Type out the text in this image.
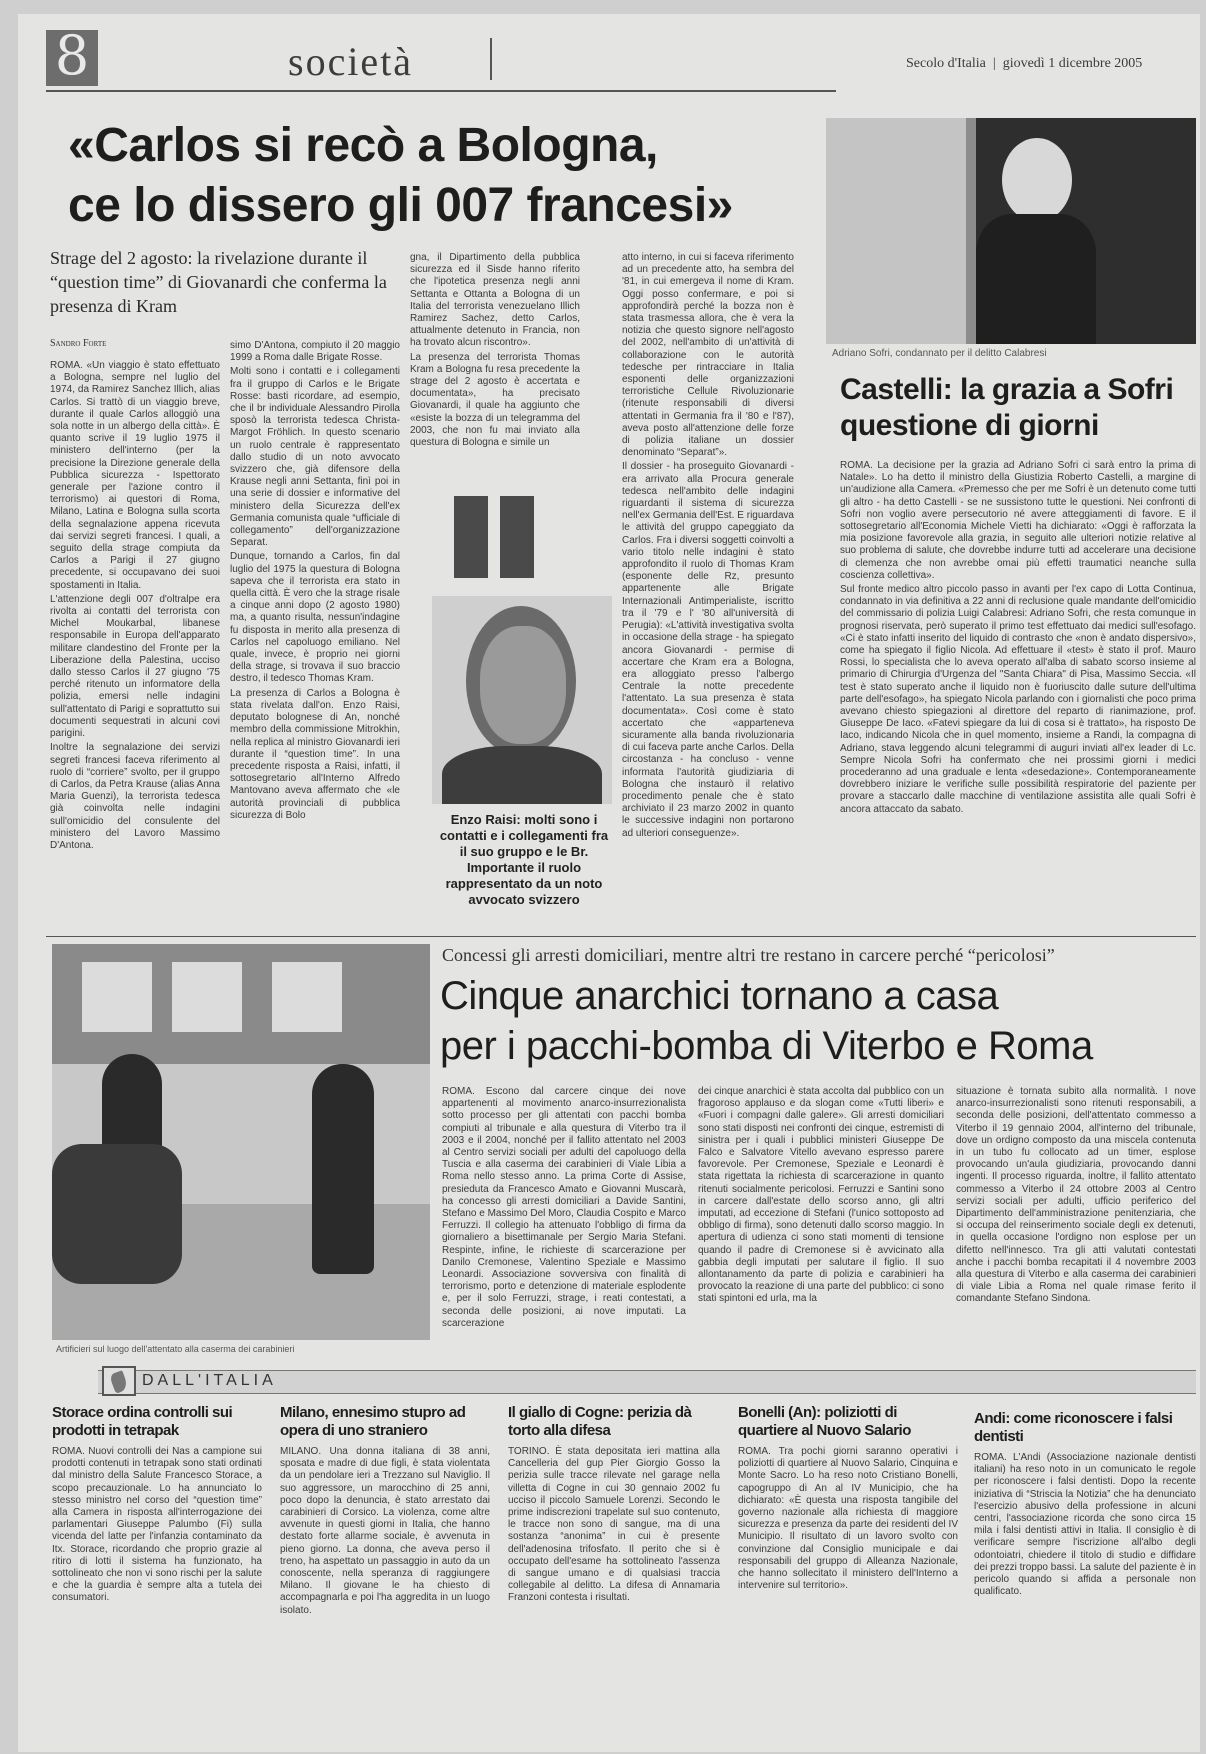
8	società	Secolo d'Italia  |  giovedì 1 dicembre 2005
«Carlos si recò a Bologna,
ce lo dissero gli 007 francesi»
Strage del 2 agosto: la rivelazione durante il “question time” di Giovanardi che conferma la presenza di Kram
Sandro Forte

ROMA. «Un viaggio è stato effettuato a Bologna, sempre nel luglio del 1974, da Ramirez Sanchez Illich, alias Carlos. Si trattò di un viaggio breve, durante il quale Carlos alloggiò una sola notte in un albergo della città». È quanto scrive il 19 luglio 1975 il ministero dell'interno (per la precisione la Direzione generale della Pubblica sicurezza - Ispettorato generale per l'azione contro il terrorismo) ai questori di Roma, Milano, Latina e Bologna sulla scorta della segnalazione appena ricevuta dai servizi segreti francesi. I quali, a seguito della strage compiuta da Carlos a Parigi il 27 giugno precedente, si occupavano dei suoi spostamenti in Italia.

L'attenzione degli 007 d'oltralpe era rivolta ai contatti del terrorista con Michel Moukarbal, libanese responsabile in Europa dell'apparato militare clandestino del Fronte per la Liberazione della Palestina, ucciso dallo stesso Carlos il 27 giugno '75 perché ritenuto un informatore della polizia, emersi nelle indagini sull'attentato di Parigi e soprattutto sui documenti sequestrati in alcuni covi parigini.

Inoltre la segnalazione dei servizi segreti francesi faceva riferimento al ruolo di “corriere” svolto, per il gruppo di Carlos, da Petra Krause (alias Anna Maria Guenzi), la terrorista tedesca già coinvolta nelle indagini sull'omicidio del consulente del ministero del Lavoro Massimo D'Antona.

simo D'Antona, compiuto il 20 maggio 1999 a Roma dalle Brigate Rosse.

Molti sono i contatti e i collegamenti fra il gruppo di Carlos e le Brigate Rosse: basti ricordare, ad esempio, che il br individuale Alessandro Pirolla sposò la terrorista tedesca Christa-Margot Fröhlich. In questo scenario un ruolo centrale è rappresentato dallo studio di un noto avvocato svizzero che, già difensore della Krause negli anni Settanta, finì poi in una serie di dossier e informative del ministero della Sicurezza dell'ex Germania comunista quale “ufficiale di collegamento” dell'organizzazione Separat.

Dunque, tornando a Carlos, fin dal luglio del 1975 la questura di Bologna sapeva che il terrorista era stato in quella città. È vero che la strage risale a cinque anni dopo (2 agosto 1980) ma, a quanto risulta, nessun'indagine fu disposta in merito alla presenza di Carlos nel capoluogo emiliano. Nel quale, invece, è proprio nei giorni della strage, si trovava il suo braccio destro, il tedesco Thomas Kram.

La presenza di Carlos a Bologna è stata rivelata dall'on. Enzo Raisi, deputato bolognese di An, nonché membro della commissione Mitrokhin, nella replica al ministro Giovanardi ieri durante il “question time”. In una precedente risposta a Raisi, infatti, il sottosegretario all'Interno Alfredo Mantovano aveva affermato che «le autorità provinciali di pubblica sicurezza di Bolo

gna, il Dipartimento della pubblica sicurezza ed il Sisde hanno riferito che l'ipotetica presenza negli anni Settanta e Ottanta a Bologna di un Italia del terrorista venezuelano Illich Ramirez Sachez, detto Carlos, attualmente detenuto in Francia, non ha trovato alcun riscontro».

La presenza del terrorista Thomas Kram a Bologna fu resa precedente la strage del 2 agosto è accertata e documentata», ha precisato Giovanardi, il quale ha aggiunto che «esiste la bozza di un telegramma del 2003, che non fu mai inviato alla questura di Bologna e simile un

Enzo Raisi: molti sono i contatti e i collegamenti fra il suo gruppo e le Br. Importante il ruolo rappresentato da un noto avvocato svizzero

atto interno, in cui si faceva riferimento ad un precedente atto, ha sembra del '81, in cui emergeva il nome di Kram. Oggi posso confermare, e poi si approfondirà perché la bozza non è stata trasmessa allora, che è vera la notizia che questo signore nell'agosto del 2002, nell'ambito di un'attività di collaborazione con le autorità tedesche per rintracciare in Italia esponenti delle organizzazioni terroristiche Cellule Rivoluzionarie (ritenute responsabili di diversi attentati in Germania fra il '80 e l'87), aveva posto all'attenzione delle forze di polizia italiane un dossier denominato “Separat”».

Il dossier - ha proseguito Giovanardi - era arrivato alla Procura generale tedesca nell'ambito delle indagini riguardanti il sistema di sicurezza nell'ex Germania dell'Est. E riguardava le attività del gruppo capeggiato da Carlos. Fra i diversi soggetti coinvolti a vario titolo nelle indagini è stato approfondito il ruolo di Thomas Kram (esponente delle Rz, presunto appartenente alle Brigate Internazionali Antimperialiste, iscritto tra il '79 e l' '80 all'università di Perugia): «L'attività investigativa svolta in occasione della strage - ha spiegato ancora Giovanardi - permise di accertare che Kram era a Bologna, era alloggiato presso l'albergo Centrale la notte precedente l'attentato. La sua presenza è stata documentata». Così come è stato accertato che «apparteneva sicuramente alla banda rivoluzionaria di cui faceva parte anche Carlos. Della circostanza - ha concluso - venne informata l'autorità giudiziaria di Bologna che instaurò il relativo procedimento penale che è stato archiviato il 23 marzo 2002 in quanto le successive indagini non portarono ad ulteriori conseguenze».

Adriano Sofri, condannato per il delitto Calabresi
Castelli: la grazia a Sofri questione di giorni

ROMA. La decisione per la grazia ad Adriano Sofri ci sarà entro la prima di Natale». Lo ha detto il ministro della Giustizia Roberto Castelli, a margine di un'audizione alla Camera. «Premesso che per me Sofri è un detenuto come tutti gli altro - ha detto Castelli - se ne sussistono tutte le questioni. Nei confronti di Sofri non voglio avere persecutorio né avere atteggiamenti di favore. E il sottosegretario all'Economia Michele Vietti ha dichiarato: «Oggi è rafforzata la mia posizione favorevole alla grazia, in seguito alle ulteriori notizie relative al suo problema di salute, che dovrebbe indurre tutti ad accelerare una decisione di clemenza che non avrebbe omai più effetti traumatici neanche sulla coscienza collettiva».

Sul fronte medico altro piccolo passo in avanti per l'ex capo di Lotta Continua, condannato in via definitiva a 22 anni di reclusione quale mandante dell'omicidio del commissario di polizia Luigi Calabresi: Adriano Sofri, che resta comunque in prognosi riservata, però superato il primo test effettuato dai medici sull'esofago. «Ci è stato infatti inserito del liquido di contrasto che «non è andato dispersivo», come ha spiegato il figlio Nicola. Ad effettuare il «test» è stato il prof. Mauro Rossi, lo specialista che lo aveva operato all'alba di sabato scorso insieme al primario di Chirurgia d'Urgenza del "Santa Chiara" di Pisa, Massimo Seccia. «Il test è stato superato anche il liquido non è fuoriuscito dalle suture dell'ultima parte dell'esofago», ha spiegato Nicola parlando con i giornalisti che poco prima avevano chiesto spiegazioni al direttore del reparto di rianimazione, prof. Giuseppe De Iaco. «Fatevi spiegare da lui di cosa si è trattato», ha risposto De Iaco, indicando Nicola che in quel momento, insieme a Randi, la compagna di Adriano, stava leggendo alcuni telegrammi di auguri inviati all'ex leader di Lc. Sempre Nicola Sofri ha confermato che nei prossimi giorni i medici procederanno ad una graduale e lenta «desedazione». Contemporaneamente dovrebbero iniziare le verifiche sulle possibilità respiratorie del paziente per provare a staccarlo dalle macchine di ventilazione assistita alle quali Sofri è ancora attaccato da sabato.

Artificieri sul luogo dell'attentato alla caserma dei carabinieri
Concessi gli arresti domiciliari, mentre altri tre restano in carcere perché “pericolosi”
Cinque anarchici tornano a casa
per i pacchi-bomba di Viterbo e Roma

ROMA. Escono dal carcere cinque dei nove appartenenti al movimento anarco-insurrezionalista sotto processo per gli attentati con pacchi bomba compiuti al tribunale e alla questura di Viterbo tra il 2003 e il 2004, nonché per il fallito attentato nel 2003 al Centro servizi sociali per adulti del capoluogo della Tuscia e alla caserma dei carabinieri di Viale Libia a Roma nello stesso anno. La prima Corte di Assise, presieduta da Francesco Amato e Giovanni Muscarà, ha concesso gli arresti domiciliari a Davide Santini, Stefano e Massimo Del Moro, Claudia Cospito e Marco Ferruzzi. Il collegio ha attenuato l'obbligo di firma da giornaliero a bisettimanale per Sergio Maria Stefani. Respinte, infine, le richieste di scarcerazione per Danilo Cremonese, Valentino Speziale e Massimo Leonardi. Associazione sovversiva con finalità di terrorismo, porto e detenzione di materiale esplodente e, per il solo Ferruzzi, strage, i reati contestati, a seconda delle posizioni, ai nove imputati. La scarcerazione

dei cinque anarchici è stata accolta dal pubblico con un fragoroso applauso e da slogan come «Tutti liberi» e «Fuori i compagni dalle galere». Gli arresti domiciliari sono stati disposti nei confronti dei cinque, estremisti di sinistra per i quali i pubblici ministeri Giuseppe De Falco e Salvatore Vitello avevano espresso parere favorevole. Per Cremonese, Speziale e Leonardi è stata rigettata la richiesta di scarcerazione in quanto ritenuti socialmente pericolosi. Ferruzzi e Santini sono in carcere dall'estate dello scorso anno, gli altri imputati, ad eccezione di Stefani (l'unico sottoposto ad obbligo di firma), sono detenuti dallo scorso maggio. In apertura di udienza ci sono stati momenti di tensione quando il padre di Cremonese si è avvicinato alla gabbia degli imputati per salutare il figlio. Il suo allontanamento da parte di polizia e carabinieri ha provocato la reazione di una parte del pubblico: ci sono stati spintoni ed urla, ma la

situazione è tornata subito alla normalità. I nove anarco-insurrezionalisti sono ritenuti responsabili, a seconda delle posizioni, dell'attentato commesso a Viterbo il 19 gennaio 2004, all'interno del tribunale, dove un ordigno composto da una miscela contenuta in un tubo fu collocato ad un timer, esplose provocando un'aula giudiziaria, provocando danni ingenti. Il processo riguarda, inoltre, il fallito attentato commesso a Viterbo il 24 ottobre 2003 al Centro servizi sociali per adulti, ufficio periferico del Dipartimento dell'amministrazione penitenziaria, che si occupa del reinserimento sociale degli ex detenuti, in quella occasione l'ordigno non esplose per un difetto nell'innesco. Tra gli atti valutati contestati anche i pacchi bomba recapitati il 4 novembre 2003 alla questura di Viterbo e alla caserma dei carabinieri di viale Libia a Roma nel quale rimase ferito il comandante Stefano Sindona.

DALL'ITALIA
Storace ordina controlli sui prodotti in tetrapak

ROMA. Nuovi controlli dei Nas a campione sui prodotti contenuti in tetrapak sono stati ordinati dal ministro della Salute Francesco Storace, a scopo precauzionale. Lo ha annunciato lo stesso ministro nel corso del “question time” alla Camera in risposta all'interrogazione dei parlamentari Giuseppe Palumbo (Fi) sulla vicenda del latte per l'infanzia contaminato da Itx. Storace, ricordando che proprio grazie al ritiro di lotti il sistema ha funzionato, ha sottolineato che non vi sono rischi per la salute e che la guardia è sempre alta a tutela dei consumatori.

Milano, ennesimo stupro ad opera di uno straniero

MILANO. Una donna italiana di 38 anni, sposata e madre di due figli, è stata violentata da un pendolare ieri a Trezzano sul Naviglio. Il suo aggressore, un marocchino di 25 anni, poco dopo la denuncia, è stato arrestato dai carabinieri di Corsico. La violenza, come altre avvenute in questi giorni in Italia, che hanno destato forte allarme sociale, è avvenuta in pieno giorno. La donna, che aveva perso il treno, ha aspettato un passaggio in auto da un conoscente, nella speranza di raggiungere Milano. Il giovane le ha chiesto di accompagnarla e poi l'ha aggredita in un luogo isolato.

Il giallo di Cogne: perizia dà torto alla difesa

TORINO. È stata depositata ieri mattina alla Cancelleria del gup Pier Giorgio Gosso la perizia sulle tracce rilevate nel garage nella villetta di Cogne in cui 30 gennaio 2002 fu ucciso il piccolo Samuele Lorenzi. Secondo le prime indiscrezioni trapelate sul suo contenuto, le tracce non sono di sangue, ma di una sostanza “anonima” in cui è presente dell'adenosina trifosfato. Il perito che si è occupato dell'esame ha sottolineato l'assenza di sangue umano e di qualsiasi traccia collegabile al delitto. La difesa di Annamaria Franzoni contesta i risultati.

Bonelli (An): poliziotti di quartiere al Nuovo Salario

ROMA. Tra pochi giorni saranno operativi i poliziotti di quartiere al Nuovo Salario, Cinquina e Monte Sacro. Lo ha reso noto Cristiano Bonelli, capogruppo di An al IV Municipio, che ha dichiarato: «È questa una risposta tangibile del governo nazionale alla richiesta di maggiore sicurezza e presenza da parte dei residenti del IV Municipio. Il risultato di un lavoro svolto con convinzione dal Consiglio municipale e dai responsabili del gruppo di Alleanza Nazionale, che hanno sollecitato il ministero dell'Interno a intervenire sul territorio».

Andi: come riconoscere i falsi dentisti

ROMA. L'Andi (Associazione nazionale dentisti italiani) ha reso noto in un comunicato le regole per riconoscere i falsi dentisti. Dopo la recente iniziativa di “Striscia la Notizia” che ha denunciato l'esercizio abusivo della professione in alcuni centri, l'associazione ricorda che sono circa 15 mila i falsi dentisti attivi in Italia. Il consiglio è di verificare sempre l'iscrizione all'albo degli odontoiatri, chiedere il titolo di studio e diffidare dei prezzi troppo bassi. La salute del paziente è in pericolo quando si affida a personale non qualificato.
